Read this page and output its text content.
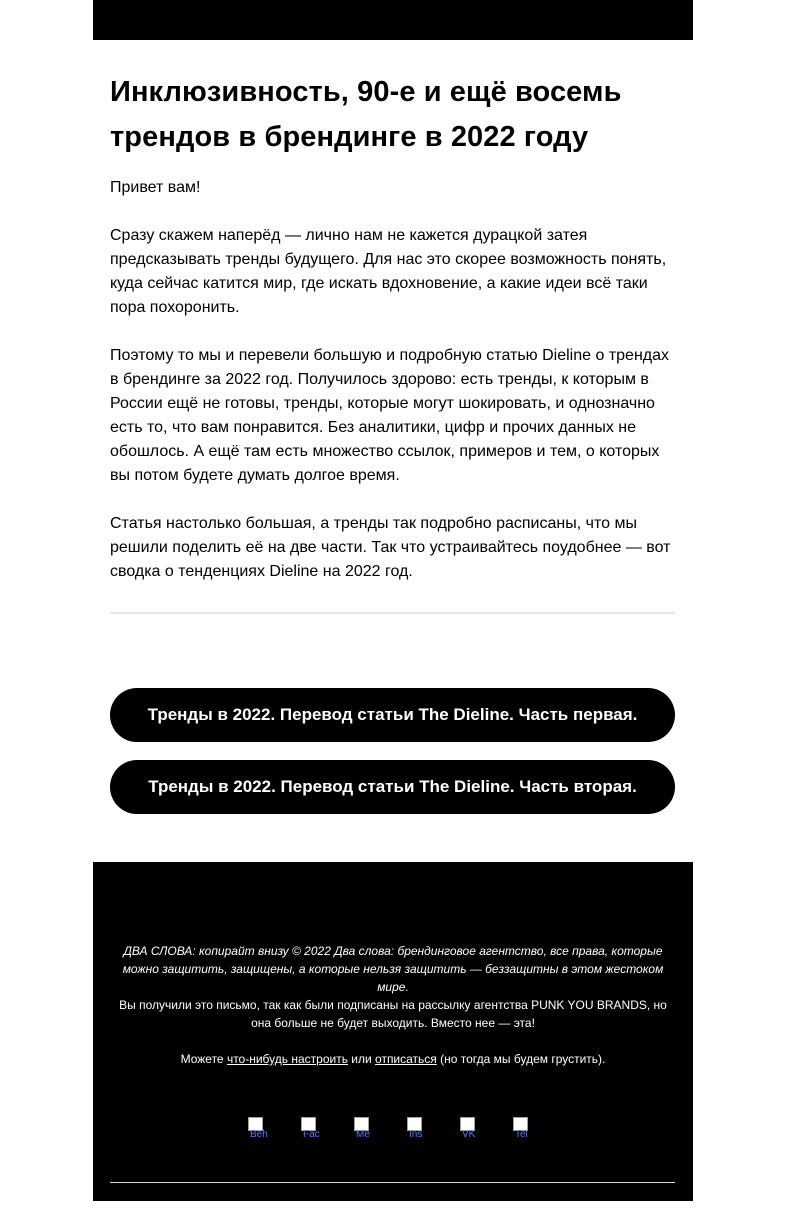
Инклюзивность, 90-е и ещё восемь трендов в брендинге в 2022 году

Привет вам!

Сразу скажем наперёд — лично нам не кажется дурацкой затея предсказывать тренды будущего. Для нас это скорее возможность понять, куда сейчас катится мир, где искать вдохновение, а какие идеи всё таки пора похоронить.

Поэтому то мы и перевели большую и подробную статью Dieline о трендах в брендинге за 2022 год. Получилось здорово: есть тренды, к которым в России ещё не готовы, тренды, которые могут шокировать, и однозначно есть то, что вам понравится. Без аналитики, цифр и прочих данных не обошлось. А ещё там есть множество ссылок, примеров и тем, о которых вы потом будете думать долгое время.

Статья настолько большая, а тренды так подробно расписаны, что мы решили поделить её на две части. Так что устраивайтесь поудобнее — вот сводка о тенденциях Dieline на 2022 год.

Тренды в 2022. Перевод статьи The Dieline. Часть первая.
Тренды в 2022. Перевод статьи The Dieline. Часть вторая.
ДВА СЛОВА: копирайт внизу © 2022 Два слова: брендинговое агентство, все права, которые можно защитить, защищены, а которые нельзя защитить — беззащитны в этом жестоком мире.
Вы получили это письмо, так как были подписаны на рассылку агентства PUNK YOU BRANDS, но она больше не будет выходить. Вместо нее — эта!
Можете что-нибудь настроить или отписаться (но тогда мы будем грустить).
Beh	Fac	Me	Ins	VK	Tel
